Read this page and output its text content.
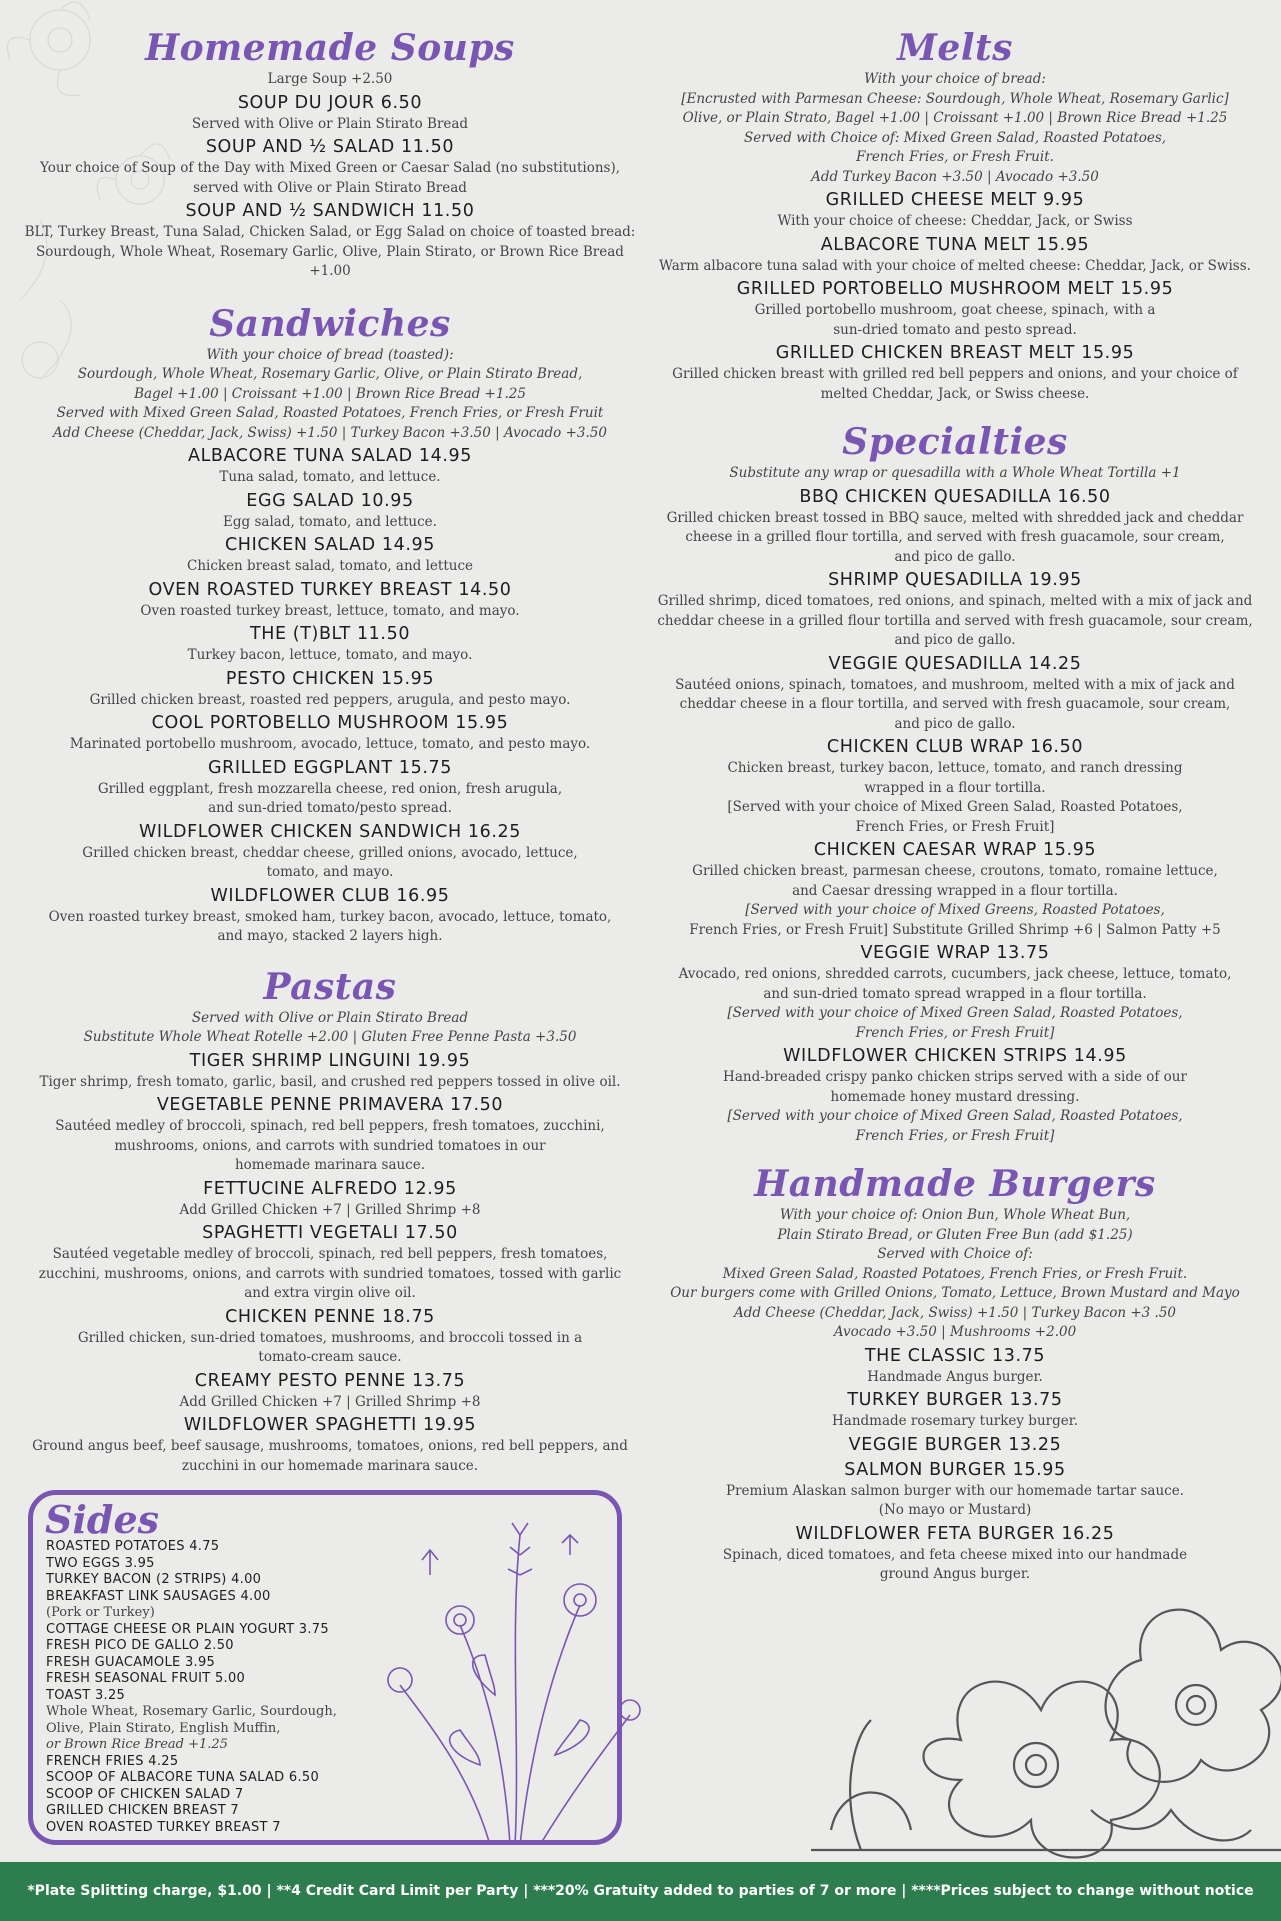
Homemade Soups

Large Soup +2.50

SOUP DU JOUR 6.50

Served with Olive or Plain Stirato Bread

SOUP AND ½ SALAD 11.50

Your choice of Soup of the Day with Mixed Green or Caesar Salad (no substitutions),

served with Olive or Plain Stirato Bread

SOUP AND ½ SANDWICH 11.50

BLT, Turkey Breast, Tuna Salad, Chicken Salad, or Egg Salad on choice of toasted bread:

Sourdough, Whole Wheat, Rosemary Garlic, Olive, Plain Stirato, or Brown Rice Bread +1.00

Sandwiches

With your choice of bread (toasted):

Sourdough, Whole Wheat, Rosemary Garlic, Olive, or Plain Stirato Bread,

Bagel +1.00 | Croissant +1.00 | Brown Rice Bread +1.25

Served with Mixed Green Salad, Roasted Potatoes, French Fries, or Fresh Fruit

Add Cheese (Cheddar, Jack, Swiss) +1.50 | Turkey Bacon +3.50 | Avocado +3.50

ALBACORE TUNA SALAD 14.95

Tuna salad, tomato, and lettuce.

EGG SALAD 10.95

Egg salad, tomato, and lettuce.

CHICKEN SALAD 14.95

Chicken breast salad, tomato, and lettuce

OVEN ROASTED TURKEY BREAST 14.50

Oven roasted turkey breast, lettuce, tomato, and mayo.

THE (T)BLT 11.50

Turkey bacon, lettuce, tomato, and mayo.

PESTO CHICKEN 15.95

Grilled chicken breast, roasted red peppers, arugula, and pesto mayo.

COOL PORTOBELLO MUSHROOM 15.95

Marinated portobello mushroom, avocado, lettuce, tomato, and pesto mayo.

GRILLED EGGPLANT 15.75

Grilled eggplant, fresh mozzarella cheese, red onion, fresh arugula,

and sun-dried tomato/pesto spread.

WILDFLOWER CHICKEN SANDWICH 16.25

Grilled chicken breast, cheddar cheese, grilled onions, avocado, lettuce,

tomato, and mayo.

WILDFLOWER CLUB 16.95

Oven roasted turkey breast, smoked ham, turkey bacon, avocado, lettuce, tomato,

and mayo, stacked 2 layers high.

Pastas

Served with Olive or Plain Stirato Bread

Substitute Whole Wheat Rotelle +2.00 | Gluten Free Penne Pasta +3.50

TIGER SHRIMP LINGUINI 19.95

Tiger shrimp, fresh tomato, garlic, basil, and crushed red peppers tossed in olive oil.

VEGETABLE PENNE PRIMAVERA 17.50

Sautéed medley of broccoli, spinach, red bell peppers, fresh tomatoes, zucchini,

mushrooms, onions, and carrots with sundried tomatoes in our

homemade marinara sauce.

FETTUCINE ALFREDO 12.95

Add Grilled Chicken +7 | Grilled Shrimp +8

SPAGHETTI VEGETALI 17.50

Sautéed vegetable medley of broccoli, spinach, red bell peppers, fresh tomatoes,

zucchini, mushrooms, onions, and carrots with sundried tomatoes, tossed with garlic

and extra virgin olive oil.

CHICKEN PENNE 18.75

Grilled chicken, sun-dried tomatoes, mushrooms, and broccoli tossed in a

tomato-cream sauce.

CREAMY PESTO PENNE 13.75

Add Grilled Chicken +7 | Grilled Shrimp +8

WILDFLOWER SPAGHETTI 19.95

Ground angus beef, beef sausage, mushrooms, tomatoes, onions, red bell peppers, and

zucchini in our homemade marinara sauce.

Melts

With your choice of bread:

[Encrusted with Parmesan Cheese: Sourdough, Whole Wheat, Rosemary Garlic]

Olive, or Plain Strato, Bagel +1.00 | Croissant +1.00 | Brown Rice Bread +1.25

Served with Choice of: Mixed Green Salad, Roasted Potatoes,

French Fries, or Fresh Fruit.

Add Turkey Bacon +3.50 | Avocado +3.50

GRILLED CHEESE MELT 9.95

With your choice of cheese: Cheddar, Jack, or Swiss

ALBACORE TUNA MELT 15.95

Warm albacore tuna salad with your choice of melted cheese: Cheddar, Jack, or Swiss.

GRILLED PORTOBELLO MUSHROOM MELT 15.95

Grilled portobello mushroom, goat cheese, spinach, with a

sun-dried tomato and pesto spread.

GRILLED CHICKEN BREAST MELT 15.95

Grilled chicken breast with grilled red bell peppers and onions, and your choice of

melted Cheddar, Jack, or Swiss cheese.

Specialties

Substitute any wrap or quesadilla with a Whole Wheat Tortilla +1

BBQ CHICKEN QUESADILLA 16.50

Grilled chicken breast tossed in BBQ sauce, melted with shredded jack and cheddar

cheese in a grilled flour tortilla, and served with fresh guacamole, sour cream,

and pico de gallo.

SHRIMP QUESADILLA 19.95

Grilled shrimp, diced tomatoes, red onions, and spinach, melted with a mix of jack and

cheddar cheese in a grilled flour tortilla and served with fresh guacamole, sour cream,

and pico de gallo.

VEGGIE QUESADILLA 14.25

Sautéed onions, spinach, tomatoes, and mushroom, melted with a mix of jack and

cheddar cheese in a flour tortilla, and served with fresh guacamole, sour cream,

and pico de gallo.

CHICKEN CLUB WRAP 16.50

Chicken breast, turkey bacon, lettuce, tomato, and ranch dressing

wrapped in a flour tortilla.

[Served with your choice of Mixed Green Salad, Roasted Potatoes,

French Fries, or Fresh Fruit]

CHICKEN CAESAR WRAP 15.95

Grilled chicken breast, parmesan cheese, croutons, tomato, romaine lettuce,

and Caesar dressing wrapped in a flour tortilla.

[Served with your choice of Mixed Greens, Roasted Potatoes,

French Fries, or Fresh Fruit] Substitute Grilled Shrimp +6 | Salmon Patty +5

VEGGIE WRAP 13.75

Avocado, red onions, shredded carrots, cucumbers, jack cheese, lettuce, tomato,

and sun-dried tomato spread wrapped in a flour tortilla.

[Served with your choice of Mixed Green Salad, Roasted Potatoes,

French Fries, or Fresh Fruit]

WILDFLOWER CHICKEN STRIPS 14.95

Hand-breaded crispy panko chicken strips served with a side of our

homemade honey mustard dressing.

[Served with your choice of Mixed Green Salad, Roasted Potatoes,

French Fries, or Fresh Fruit]

Handmade Burgers

With your choice of: Onion Bun, Whole Wheat Bun,

Plain Stirato Bread, or Gluten Free Bun (add $1.25)

Served with Choice of:

Mixed Green Salad, Roasted Potatoes, French Fries, or Fresh Fruit.

Our burgers come with Grilled Onions, Tomato, Lettuce, Brown Mustard and Mayo

Add Cheese (Cheddar, Jack, Swiss) +1.50 | Turkey Bacon +3 .50

Avocado +3.50 | Mushrooms +2.00

THE CLASSIC 13.75

Handmade Angus burger.

TURKEY BURGER 13.75

Handmade rosemary turkey burger.

VEGGIE BURGER 13.25

SALMON BURGER 15.95

Premium Alaskan salmon burger with our homemade tartar sauce.

(No mayo or Mustard)

WILDFLOWER FETA BURGER 16.25

Spinach, diced tomatoes, and feta cheese mixed into our handmade

ground Angus burger.

Sides

ROASTED POTATOES 4.75

TWO EGGS 3.95

TURKEY BACON (2 STRIPS) 4.00

BREAKFAST LINK SAUSAGES 4.00

(Pork or Turkey)

COTTAGE CHEESE OR PLAIN YOGURT 3.75

FRESH PICO DE GALLO 2.50

FRESH GUACAMOLE 3.95

FRESH SEASONAL FRUIT 5.00

TOAST 3.25

Whole Wheat, Rosemary Garlic, Sourdough,

Olive, Plain Stirato, English Muffin,

or Brown Rice Bread +1.25

FRENCH FRIES 4.25

SCOOP OF ALBACORE TUNA SALAD 6.50

SCOOP OF CHICKEN SALAD 7

GRILLED CHICKEN BREAST 7

OVEN ROASTED TURKEY BREAST 7

*Plate Splitting charge, $1.00 | **4 Credit Card Limit per Party | ***20% Gratuity added to parties of 7 or more | ****Prices subject to change without notice
